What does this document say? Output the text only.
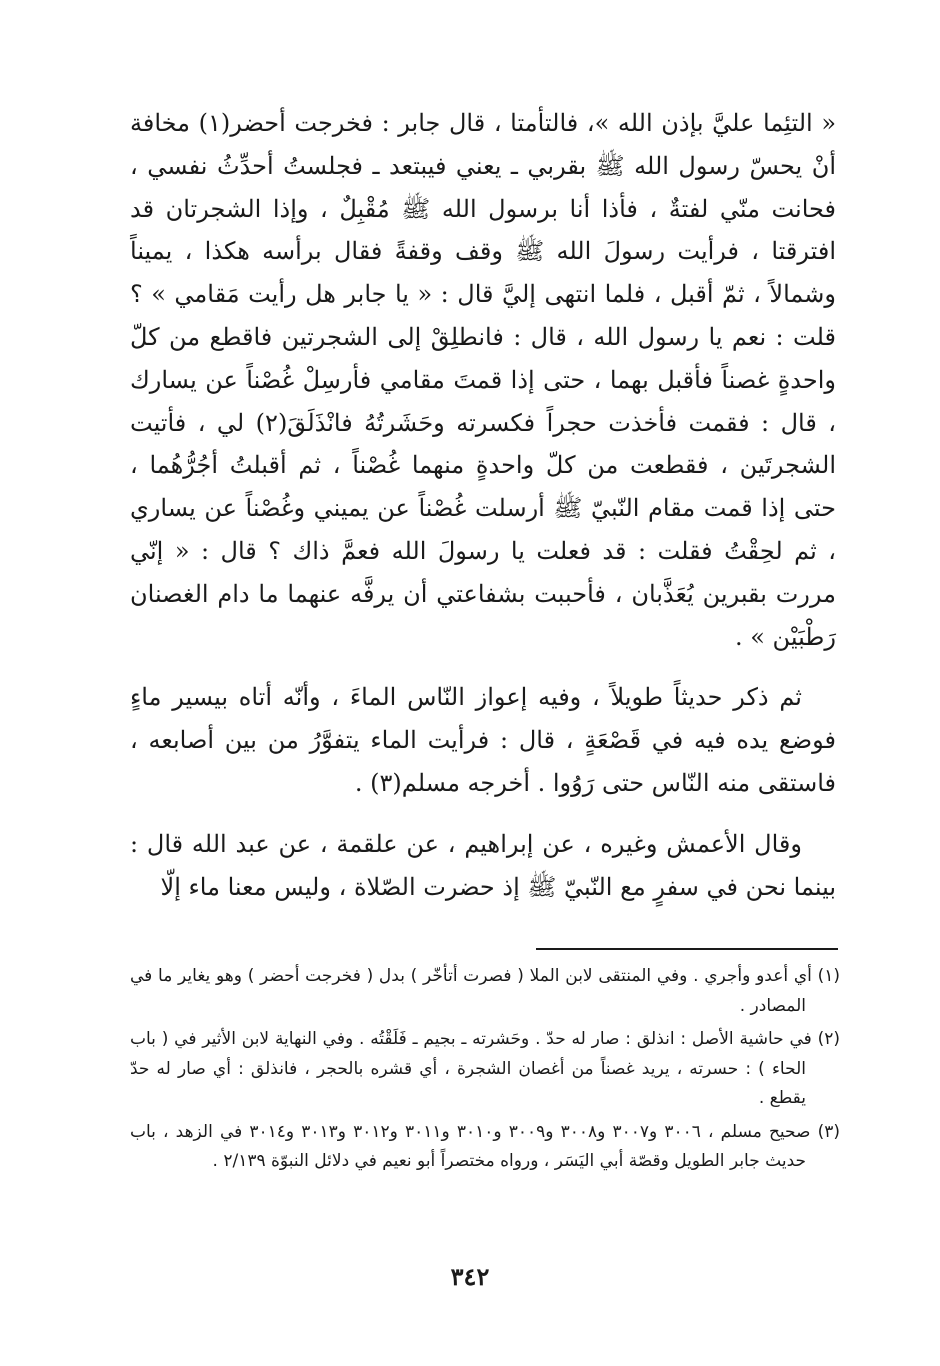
« التئِما عليَّ بإذن الله »، فالتأمتا ، قال جابر : فخرجت أحضر(١) مخافة أنْ يحسّ رسول الله ﷺ بقربي ـ يعني فيبتعد ـ فجلستُ أحدِّثُ نفسي ، فحانت منّي لفتةٌ ، فأذا أنا برسول الله ﷺ مُقْبِلٌ ، وإذا الشجرتان قد افترقتا ، فرأيت رسولَ الله ﷺ وقف وقفةً فقال برأسه هكذا ، يميناً وشمالاً ، ثمّ أقبل ، فلما انتهى إليَّ قال : « يا جابر هل رأيت مَقامي » ؟ قلت : نعم يا رسول الله ، قال : فانطلِقْ إلى الشجرتين فاقطع من كلّ واحدةٍ غصناً فأقبل بهما ، حتى إذا قمتَ مقامي فأرسِلْ غُصْناً عن يسارك ، قال : فقمت فأخذت حجراً فكسرته وحَشَرتُهُ فانْذَلَقَ(٢) لي ، فأتيت الشجرتَين ، فقطعت من كلّ واحدةٍ منهما غُصْناً ، ثم أقبلتُ أجُرُّهُما ، حتى إذا قمت مقام النّبيّ ﷺ أرسلت غُصْناً عن يميني وغُصْناً عن يساري ، ثم لحِقْتُ فقلت : قد فعلت يا رسولَ الله فعمَّ ذاك ؟ قال : « إنّي مررت بقبرين يُعَذَّبان ، فأحببت بشفاعتي أن يرفَّه عنهما ما دام الغصنان رَطْبَيْن » .

ثم ذكر حديثاً طويلاً ، وفيه إعواز النّاس الماءَ ، وأنّه أتاه بيسير ماءٍ فوضع يده فيه في قَصْعَةٍ ، قال : فرأيت الماء يتفوَّرُ من بين أصابعه ، فاستقى منه النّاس حتى رَوُوا . أخرجه مسلم(٣) .

وقال الأعمش وغيره ، عن إبراهيم ، عن علقمة ، عن عبد الله قال : بينما نحن في سفرٍ مع النّبيّ ﷺ إذ حضرت الصّلاة ، وليس معنا ماء إلّا

(١) أي أعدو وأجري . وفي المنتقى لابن الملا ( فصرت أتأخّر ) بدل ( فخرجت أحضر ) وهو يغاير ما في المصادر .

(٢) في حاشية الأصل : انذلق : صار له حدّ . وحَشرته ـ بجيم ـ فَلَقْتُه . وفي النهاية لابن الأثير في ( باب الحاء ) : حسرته ، يريد غصناً من أغصان الشجرة ، أي قشره بالحجر ، فانذلق : أي صار له حدّ يقطع .

(٣) صحيح مسلم ، ٣٠٠٦ و٣٠٠٧ و٣٠٠٨ و٣٠٠٩ و٣٠١٠ و٣٠١١ و٣٠١٢ و٣٠١٣ و٣٠١٤ في الزهد ، باب حديث جابر الطويل وقصّة أبي اليَسَر ، ورواه مختصراً أبو نعيم في دلائل النبوّة ٢/١٣٩ .

٣٤٢
